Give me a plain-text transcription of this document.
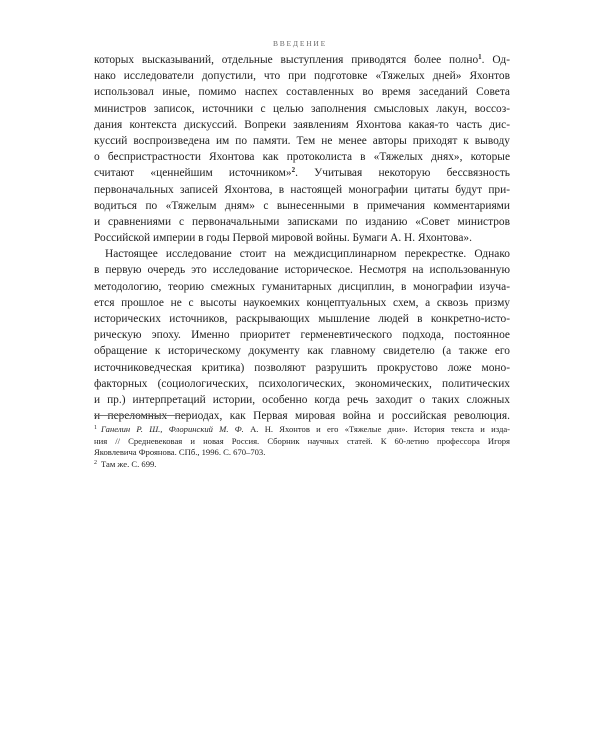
ВВЕДЕНИЕ
которых высказываний, отдельные выступления приводятся более полно$^1$. Од-
нако исследователи допустили, что при подготовке «Тяжелых дней» Яхонтов
использовал иные, помимо наспех составленных во время заседаний Совета
министров записок, источники с целью заполнения смысловых лакун, воссоз-
дания контекста дискуссий. Вопреки заявлениям Яхонтова какая-то часть дис-
куссий воспроизведена им по памяти. Тем не менее авторы приходят к выводу
о беспристрастности Яхонтова как протоколиста в «Тяжелых днях», которые
считают «ценнейшим источником»$^2$. Учитывая некоторую бессвязность
первоначальных записей Яхонтова, в настоящей монографии цитаты будут при-
водиться по «Тяжелым дням» с вынесенными в примечания комментариями
и сравнениями с первоначальными записками по изданию «Совет министров
Российской империи в годы Первой мировой войны. Бумаги А. Н. Яхонтова».
Настоящее исследование стоит на междисциплинарном перекрестке. Однако
в первую очередь это исследование историческое. Несмотря на использованную
методологию, теорию смежных гуманитарных дисциплин, в монографии изуча-
ется прошлое не с высоты наукоемких концептуальных схем, а сквозь призму
исторических источников, раскрывающих мышление людей в конкретно-исто-
рическую эпоху. Именно приоритет герменевтического подхода, постоянное
обращение к историческому документу как главному свидетелю (а также его
источниковедческая критика) позволяют разрушить прокрустово ложе моно-
факторных (социологических, психологических, экономических, политических
и пр.) интерпретаций истории, особенно когда речь заходит о таких сложных
и переломных периодах, как Первая мировая война и российская революция.
$^1$ Ганелин Р. Ш., Флоринский М. Ф. А. Н. Яхонтов и его «Тяжелые дни». История текста и изда-
ния // Средневековая и новая Россия. Сборник научных статей. К 60-летию профессора Игоря
Яковлевича Фроянова. СПб., 1996. С. 670–703.
$^2$ Там же. С. 699.
